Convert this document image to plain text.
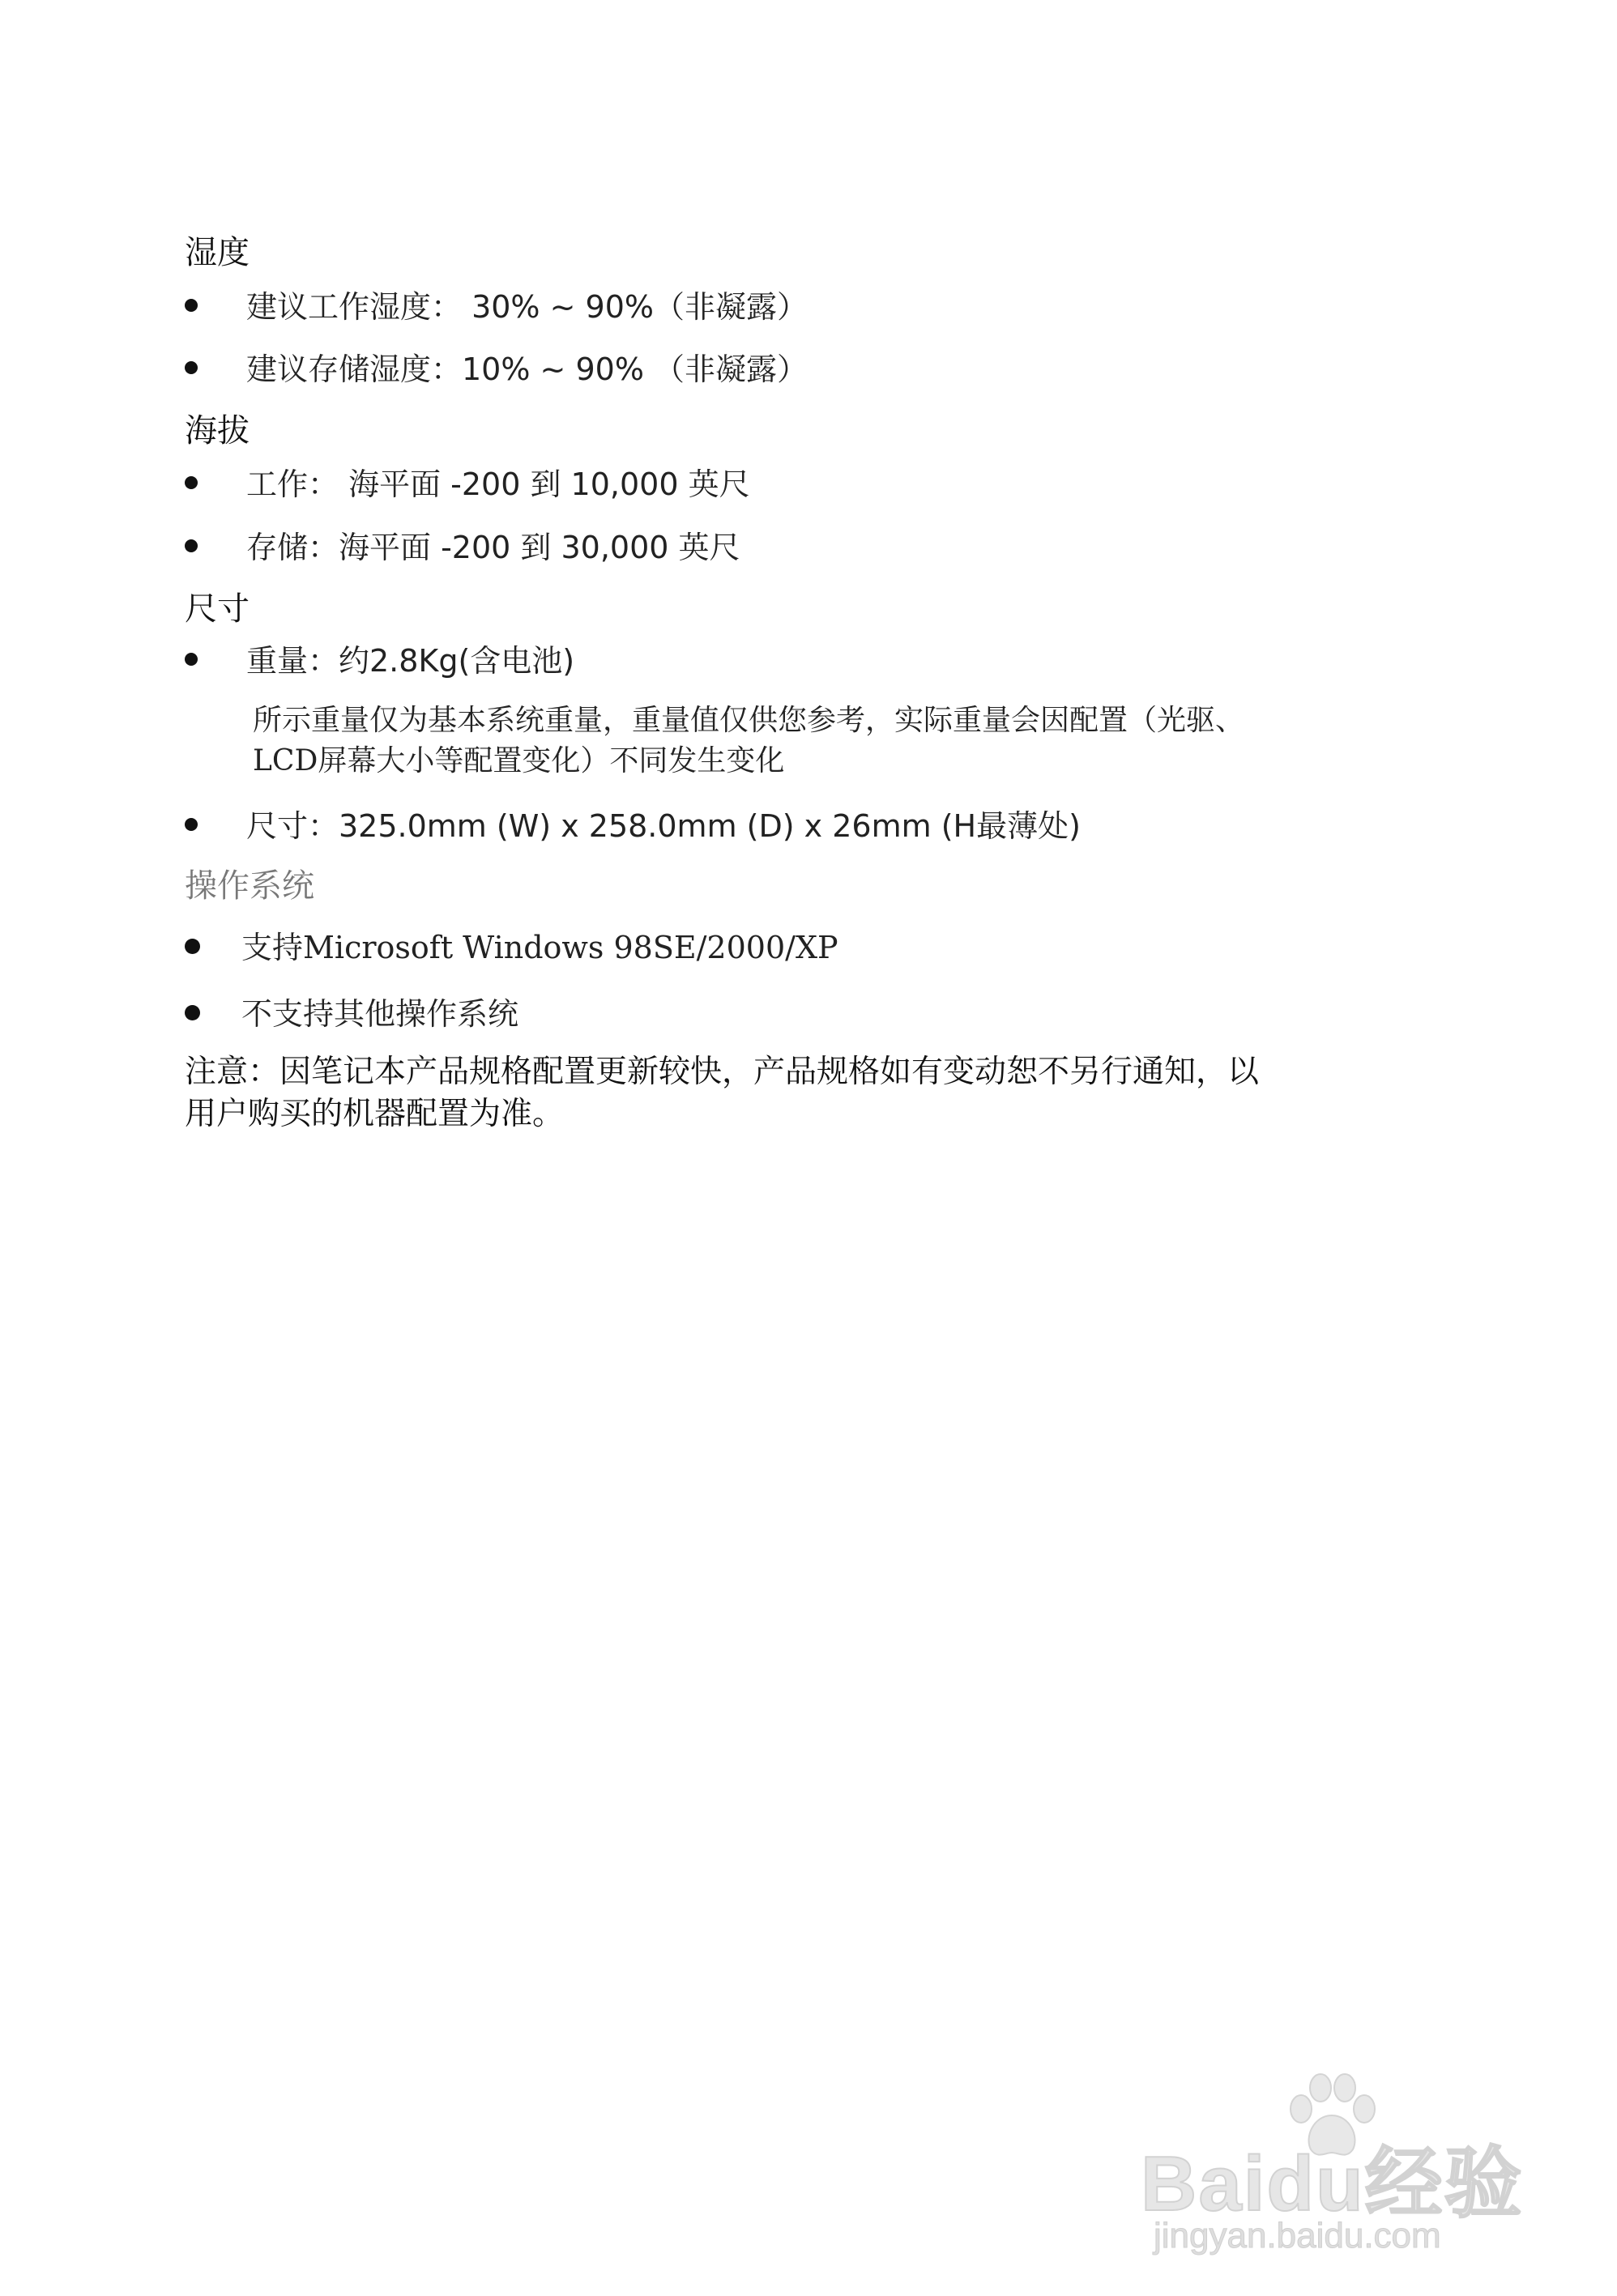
湿度
建议工作湿度： 30% ~ 90%（非凝露）
建议存储湿度：10% ~ 90% （非凝露）
海拔
工作： 海平面 -200 到 10,000 英尺
存储：海平面 -200 到 30,000 英尺
尺寸
重量：约2.8Kg(含电池)
所示重量仅为基本系统重量，重量值仅供您参考，实际重量会因配置（光驱、
LCD屏幕大小等配置变化）不同发生变化
尺寸：325.0mm (W) x 258.0mm (D) x 26mm (H最薄处)
操作系统
支持Microsoft Windows 98SE/2000/XP
不支持其他操作系统
注意：因笔记本产品规格配置更新较快，产品规格如有变动恕不另行通知，以
用户购买的机器配置为准。
Baidu经验
jingyan.baidu.com
